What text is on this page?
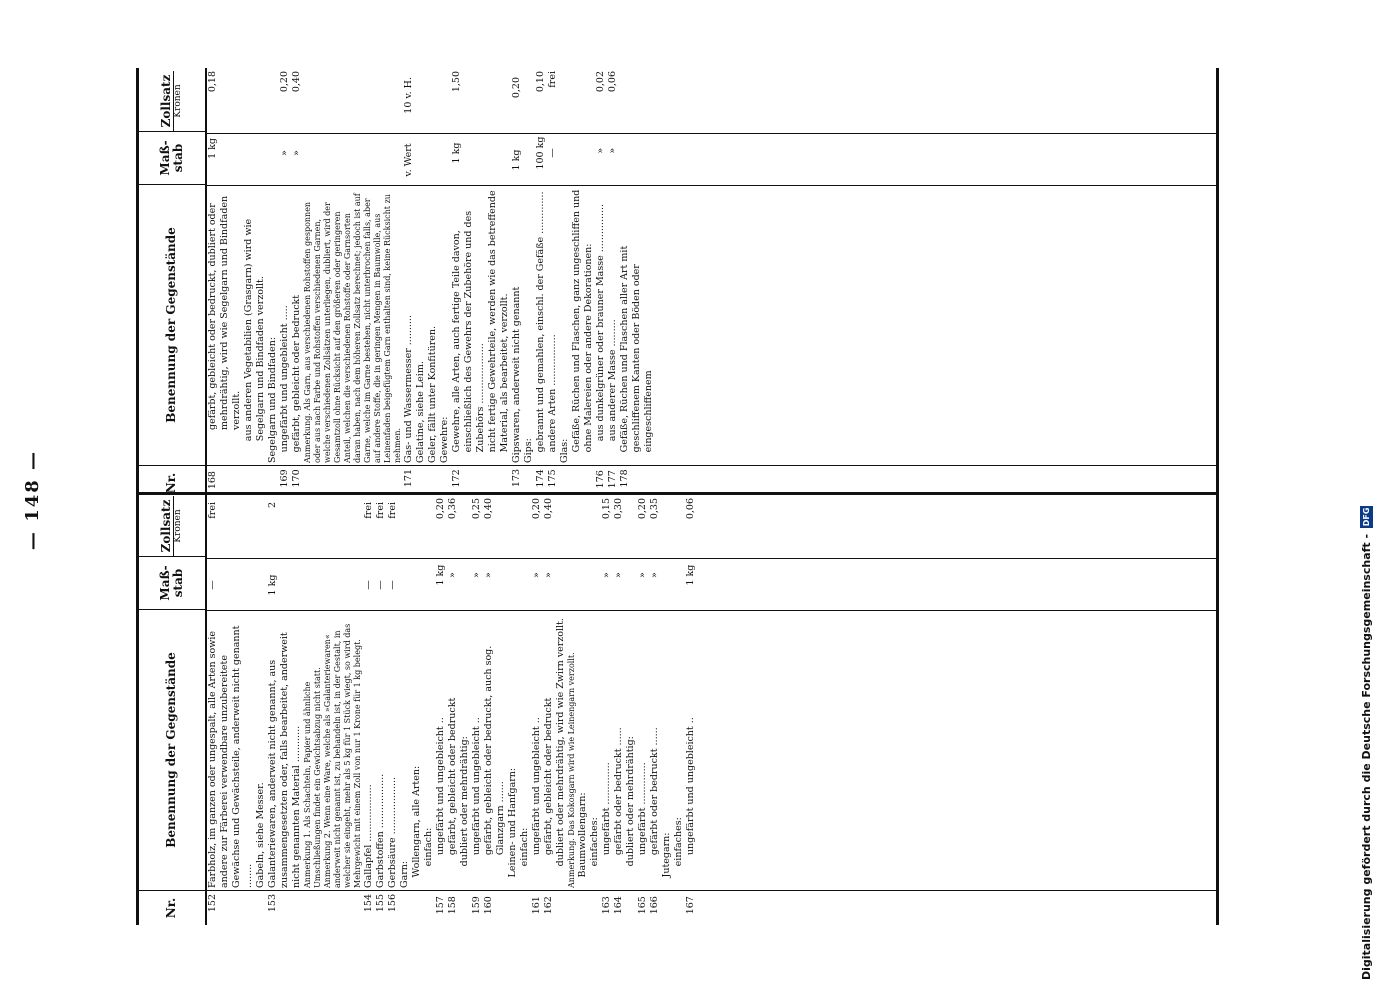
— 148 —
Nr.
Benennung der Gegenstände
Maß-stab
Zollsatz Kronen
152
Farbholz, im ganzen oder ungespalt, alle Arten sowie andere zur Färberei verwendbare unzubereitete Gewächse und Gewächsteile, anderweit nicht genannt ........
—
frei
Gabeln, siehe Messer.
153
Galanteriewaren, anderweit nicht genannt, aus zusammengesetzten oder, falls bearbeitet, anderweit nicht genannten Material ............
1 kg
2
Anmerkung 1. Als Schachteln, Papier und ähnliche Umschließungen findet ein Gewichtsabzug nicht statt. Anmerkung 2. Wenn eine Ware, welche als »Galanteriewaren« anderweit nicht genannt ist, zu behandeln ist, in der Gestalt, in welcher sie eingeht, mehr als 5 kg für 1 Stück wiegt, so wird das Mehrgewicht mit einem Zoll von nur 1 Krone für 1 kg belegt.
154
Gallapfel ...................
—
frei
155
Garbstoffen ..................
—
frei
156
Gerbsäure ...................
—
frei
Garn: Wollengarn, alle Arten: einfach:
157
ungefärbt und ungebleicht ..
1 kg
0,20
158
gefärbt, gebleicht oder bedruckt
»
0,36
dubliert oder mehrdrähtig:
159
ungefärbt und ungebleicht ..
»
0,25
160
gefärbt, gebleicht oder bedruckt, auch sog. Glanzgarn .......
»
0,40
Leinen- und Hanfgarn: einfach:
161
ungefärbt und ungebleicht ..
»
0,20
162
gefärbt, gebleicht oder bedruckt
»
0,40
dubliert oder mehrdrähtig, wird wie Zwirn verzollt. Anmerkung. Das Kokosgarn wird wie Leinengarn verzollt. Baumwollengarn: einfaches:
163
ungefärbt ..............
»
0,15
164
gefärbt oder bedruckt ......
»
0,30
dubliert oder mehrdrähtig:
165
ungefärbt ..............
»
0,20
166
gefärbt oder bedruckt ......
»
0,35
Jutegarn: einfaches:
167
ungefärbt und ungebleicht ..
1 kg
0,06
Nr.
Benennung der Gegenstände
Maß-stab
Zollsatz Kronen
168
gefärbt, gebleicht oder bedruckt, dubliert oder mehrdrähtig, wird wie Segelgarn und Bindfaden verzollt.
1 kg
0,18
aus anderen Vegetabilien (Grasgarn) wird wie Segelgarn und Bindfaden verzollt. Segelgarn und Bindfaden:
169
ungefärbt und ungebleicht .....
»
0,20
170
gefärbt, gebleicht oder bedruckt
»
0,40
Anmerkung. Als Garn, aus verschiedenen Rohstoffen gesponnen oder aus nach Farbe und Rohstoffen verschiedenen Garnen, welche verschiedenen Zollsätzen unterliegen, dubliert, wird der Gesamtzoll ohne Rücksicht auf den größeren oder geringeren Anteil, welchen die verschiedenen Rohstoffe oder Garnsorten daran haben, nach dem höheren Zollsatz berechnet; jedoch ist auf Garne, welche im Garne bestehen, nicht unterbrochen falls, aber auf andere Stoffe, die in geringen Mengen in Baumwolle, aus Leinenfaden beigefügtem Garn enthalten sind, keine Rücksicht zu nehmen.
171
Gas- und Wassermesser ..........
v. Wert
10 v. H.
Gelatine, siehe Leim. Geler, fällt unter Konfitüren. Gewehre:
172
Gewehre, alle Arten, auch fertige Teile davon, einschließlich des Gewehrs der Zubehöre und des Zubehörs ....................
1 kg
1,50
nicht fertige Gewehrteile, werden wie das betreffende Material, als bearbeitet, verzollt.
173
Gipswaren, anderweit nicht genannt
1 kg
0,20
Gips:
174
gebrannt und gemahlen, einschl. der Gefäße ..............
100 kg
0,10
175
andere Arten .................
—
frei
Glas: Gefäße, Rüchen und Flaschen, ganz ungeschliffen und ohne Malereien oder andere Dekorationen:
176
aus dunkelgrüner oder brauner Masse ................
»
0,02
177
aus anderer Masse .........
»
0,06
178
Gefäße, Rüchen und Flaschen aller Art mit geschliffenem Kanten oder Böden oder eingeschliffenem
Digitalisierung gefördert durch die Deutsche Forschungsgemeinschaft -
DFG
